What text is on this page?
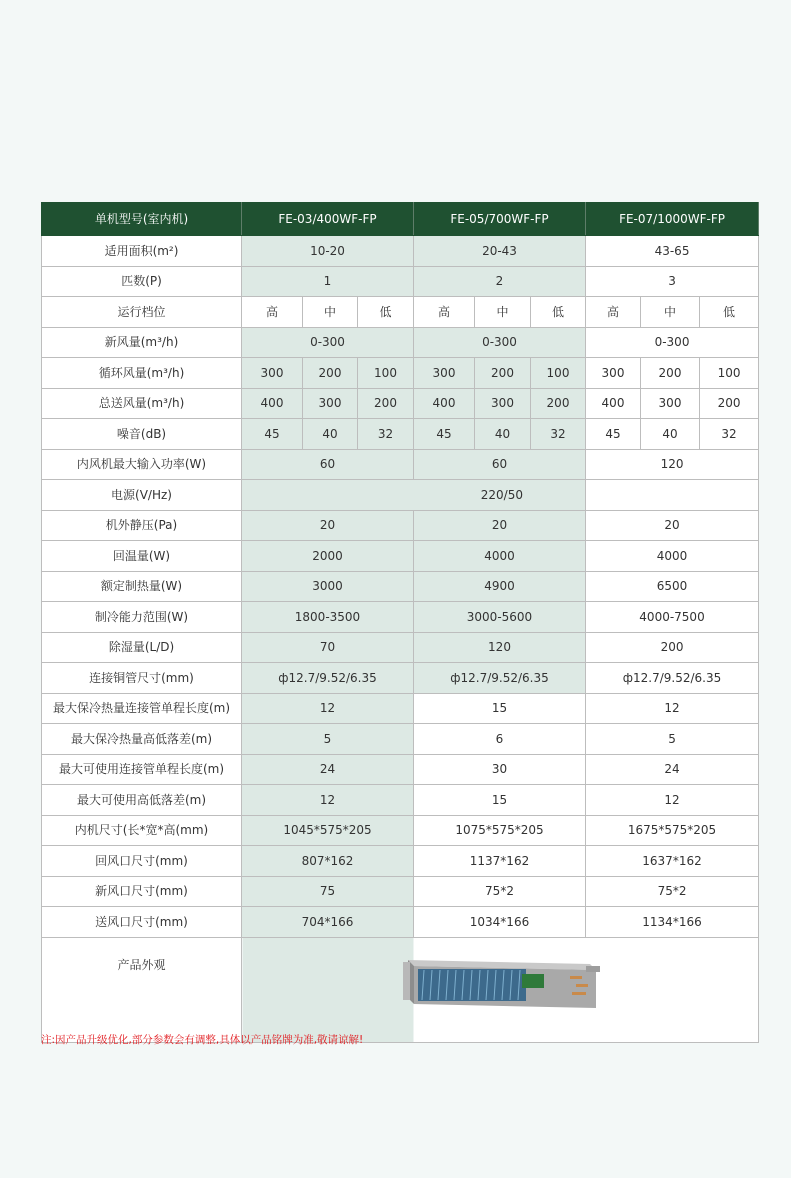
单机型号(室内机)	FE-03/400WF-FP			FE-05/700WF-FP			FE-07/1000WF-FP		
适用面积(m²)	10-20			20-43			43-65		
匹数(P)	1			2			3		
运行档位	高	中	低	高	中	低	高	中	低
新风量(m³/h)	0-300			0-300			0-300		
循环风量(m³/h)	300	200	100	300	200	100	300	200	100
总送风量(m³/h)	400	300	200	400	300	200	400	300	200
噪音(dB)	45	40	32	45	40	32	45	40	32
内风机最大输入功率(W)	60			60			120		
电源(V/Hz)	220/50								
机外静压(Pa)	20			20			20		
回温量(W)	2000			4000			4000		
额定制热量(W)	3000			4900			6500		
制冷能力范围(W)	1800-3500			3000-5600			4000-7500		
除湿量(L/D)	70			120			200		
连接铜管尺寸(mm)	ф12.7/9.52/6.35			ф12.7/9.52/6.35			ф12.7/9.52/6.35		
最大保冷热量连接管单程长度(m)	12			15			12		
最大保冷热量高低落差(m)	5			6			5		
最大可使用连接管单程长度(m)	24			30			24		
最大可使用高低落差(m)	12			15			12		
内机尺寸(长*宽*高(mm)	1045*575*205			1075*575*205			1675*575*205		
回风口尺寸(mm)	807*162			1137*162			1637*162		
新风口尺寸(mm)	75			75*2			75*2		
送风口尺寸(mm)	704*166			1034*166			1134*166		
产品外观	
注:因产品升级优化,部分参数会有调整,具体以产品铭牌为准,敬请谅解!
